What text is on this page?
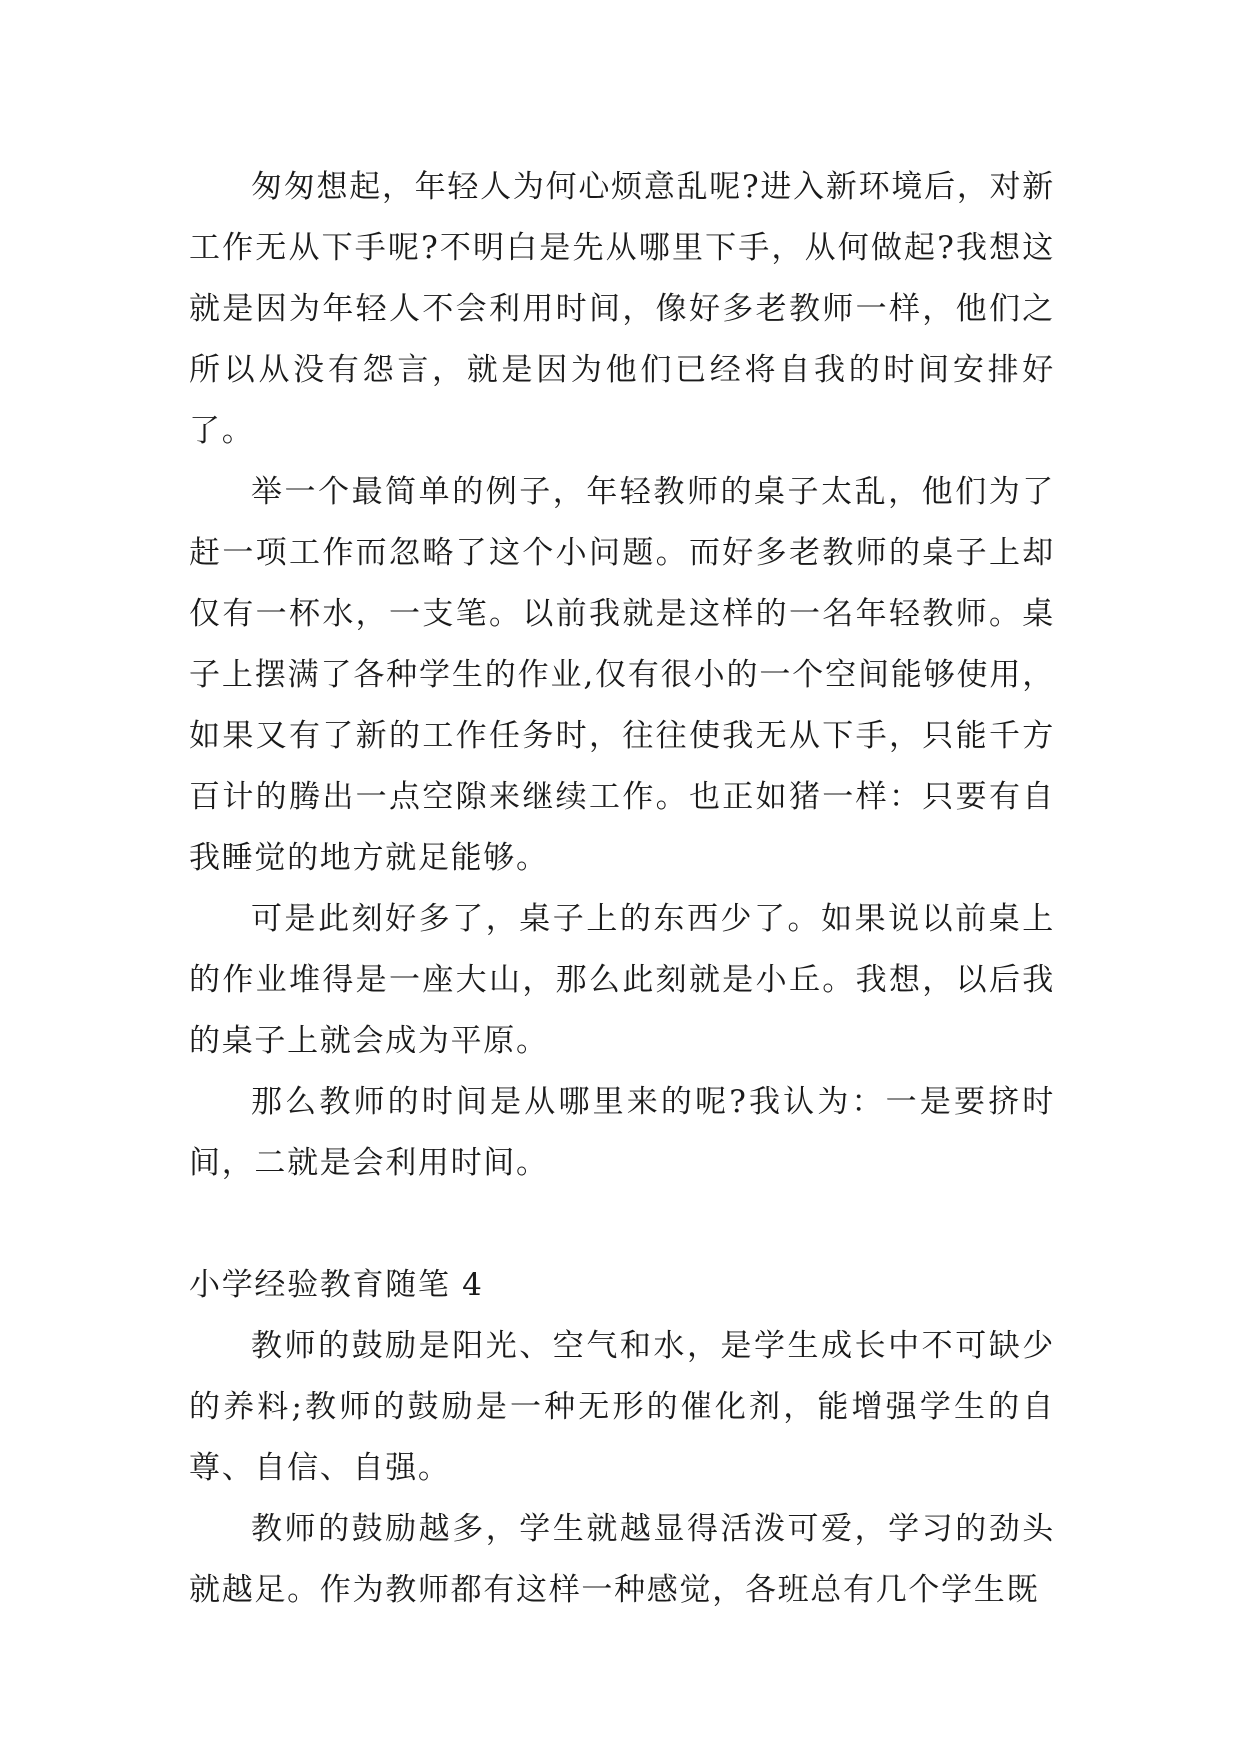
匆匆想起，年轻人为何心烦意乱呢?进入新环境后，对新工作无从下手呢?不明白是先从哪里下手，从何做起?我想这就是因为年轻人不会利用时间，像好多老教师一样，他们之所以从没有怨言，就是因为他们已经将自我的时间安排好了。

举一个最简单的例子，年轻教师的桌子太乱，他们为了赶一项工作而忽略了这个小问题。而好多老教师的桌子上却仅有一杯水，一支笔。以前我就是这样的一名年轻教师。桌子上摆满了各种学生的作业,仅有很小的一个空间能够使用，如果又有了新的工作任务时，往往使我无从下手，只能千方百计的腾出一点空隙来继续工作。也正如猪一样：只要有自我睡觉的地方就足能够。

可是此刻好多了，桌子上的东西少了。如果说以前桌上的作业堆得是一座大山，那么此刻就是小丘。我想，以后我的桌子上就会成为平原。

那么教师的时间是从哪里来的呢?我认为：一是要挤时间，二就是会利用时间。

小学经验教育随笔 4

教师的鼓励是阳光、空气和水，是学生成长中不可缺少的养料;教师的鼓励是一种无形的催化剂，能增强学生的自尊、自信、自强。

教师的鼓励越多，学生就越显得活泼可爱，学习的劲头就越足。作为教师都有这样一种感觉，各班总有几个学生既
